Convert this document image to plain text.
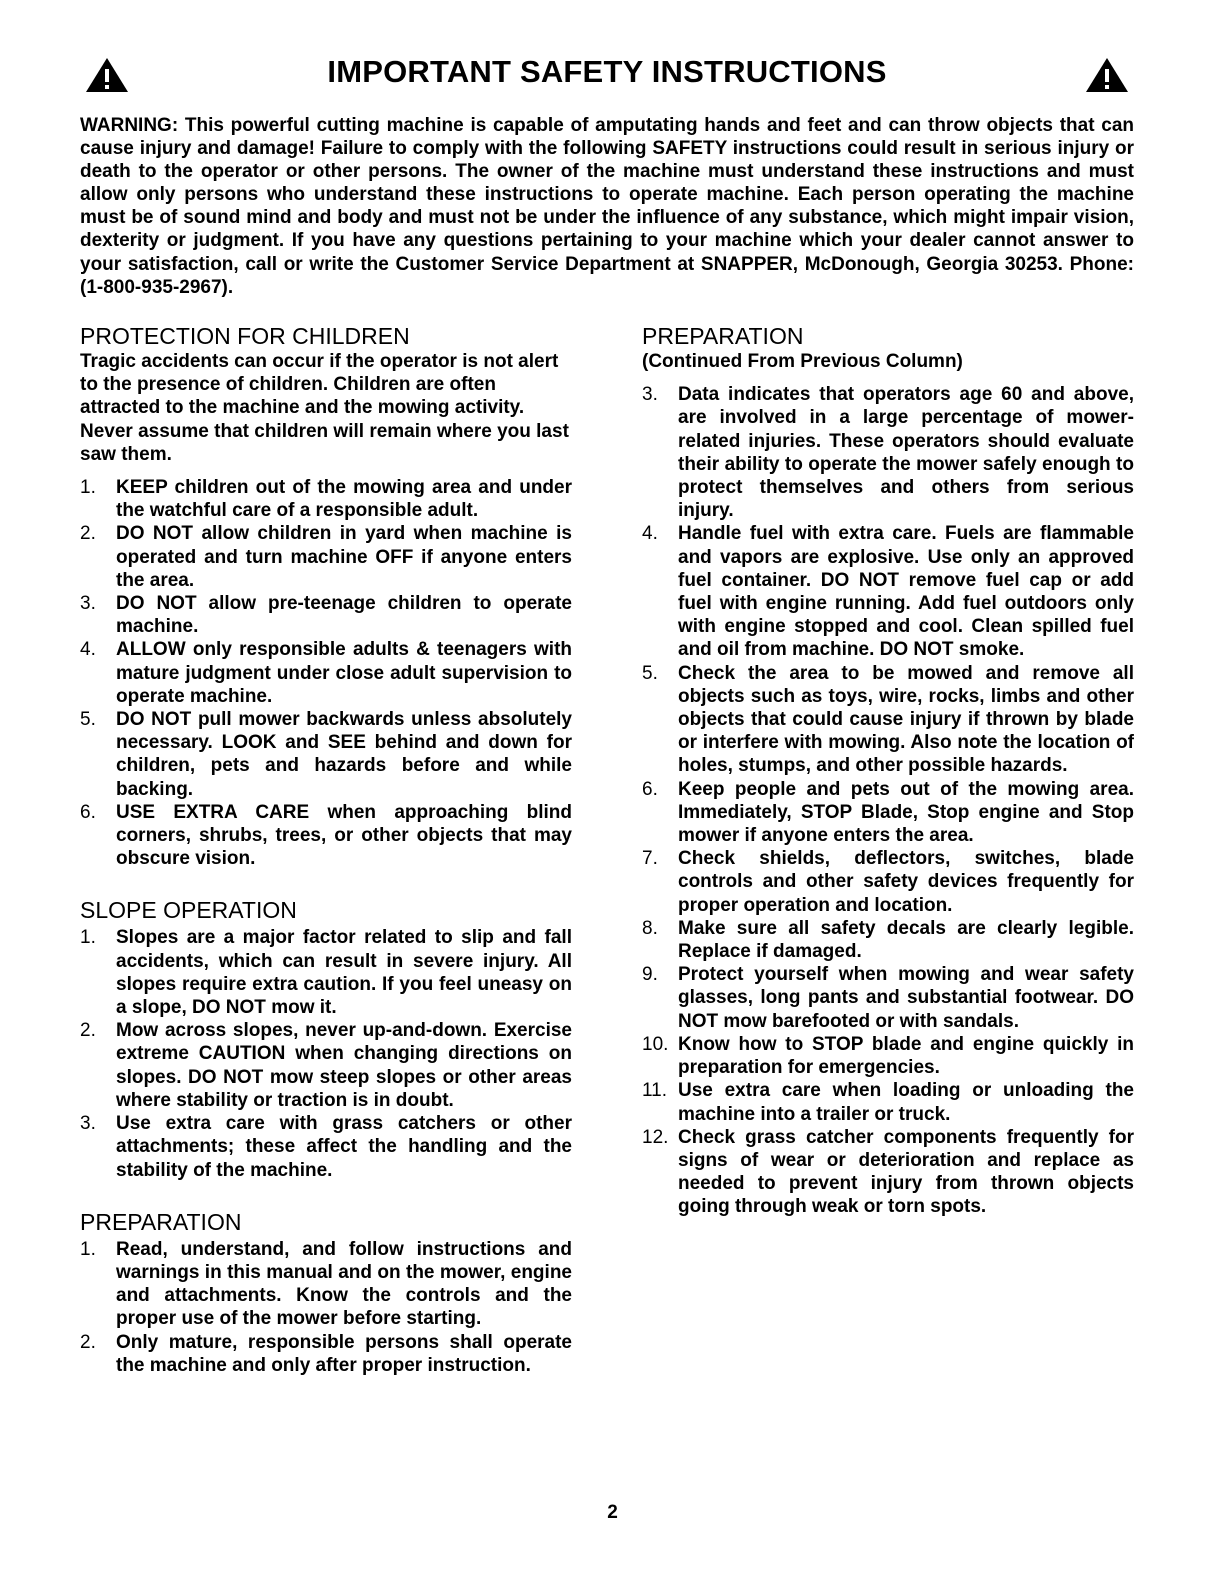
IMPORTANT SAFETY INSTRUCTIONS

WARNING: This powerful cutting machine is capable of amputating hands and feet and can throw objects that can cause injury and damage! Failure to comply with the following SAFETY instructions could result in serious injury or death to the operator or other persons. The owner of the machine must understand these instructions and must allow only persons who understand these instructions to operate machine. Each person operating the machine must be of sound mind and body and must not be under the influence of any substance, which might impair vision, dexterity or judgment. If you have any questions pertaining to your machine which your dealer cannot answer to your satisfaction, call or write the Customer Service Department at SNAPPER, McDonough, Georgia 30253. Phone: (1-800-935-2967).

PROTECTION FOR CHILDREN

Tragic accidents can occur if the operator is not alert to the presence of children. Children are often attracted to the machine and the mowing activity. Never assume that children will remain where you last saw them.

1. KEEP children out of the mowing area and under the watchful care of a responsible adult.
2. DO NOT allow children in yard when machine is operated and turn machine OFF if anyone enters the area.
3. DO NOT allow pre-teenage children to operate machine.
4. ALLOW only responsible adults & teenagers with mature judgment under close adult supervision to operate machine.
5. DO NOT pull mower backwards unless absolutely necessary. LOOK and SEE behind and down for children, pets and hazards before and while backing.
6. USE EXTRA CARE when approaching blind corners, shrubs, trees, or other objects that may obscure vision.
SLOPE OPERATION
1. Slopes are a major factor related to slip and fall accidents, which can result in severe injury. All slopes require extra caution. If you feel uneasy on a slope, DO NOT mow it.
2. Mow across slopes, never up-and-down. Exercise extreme CAUTION when changing directions on slopes. DO NOT mow steep slopes or other areas where stability or traction is in doubt.
3. Use extra care with grass catchers or other attachments; these affect the handling and the stability of the machine.
PREPARATION
1. Read, understand, and follow instructions and warnings in this manual and on the mower, engine and attachments. Know the controls and the proper use of the mower before starting.
2. Only mature, responsible persons shall operate the machine and only after proper instruction.
PREPARATION

(Continued From Previous Column)

3. Data indicates that operators age 60 and above, are involved in a large percentage of mower-related injuries. These operators should evaluate their ability to operate the mower safely enough to protect themselves and others from serious injury.
4. Handle fuel with extra care. Fuels are flammable and vapors are explosive. Use only an approved fuel container. DO NOT remove fuel cap or add fuel with engine running. Add fuel outdoors only with engine stopped and cool. Clean spilled fuel and oil from machine. DO NOT smoke.
5. Check the area to be mowed and remove all objects such as toys, wire, rocks, limbs and other objects that could cause injury if thrown by blade or interfere with mowing. Also note the location of holes, stumps, and other possible hazards.
6. Keep people and pets out of the mowing area. Immediately, STOP Blade, Stop engine and Stop mower if anyone enters the area.
7. Check shields, deflectors, switches, blade controls and other safety devices frequently for proper operation and location.
8. Make sure all safety decals are clearly legible. Replace if damaged.
9. Protect yourself when mowing and wear safety glasses, long pants and substantial footwear. DO NOT mow barefooted or with sandals.
10. Know how to STOP blade and engine quickly in preparation for emergencies.
11. Use extra care when loading or unloading the machine into a trailer or truck.
12. Check grass catcher components frequently for signs of wear or deterioration and replace as needed to prevent injury from thrown objects going through weak or torn spots.
2
